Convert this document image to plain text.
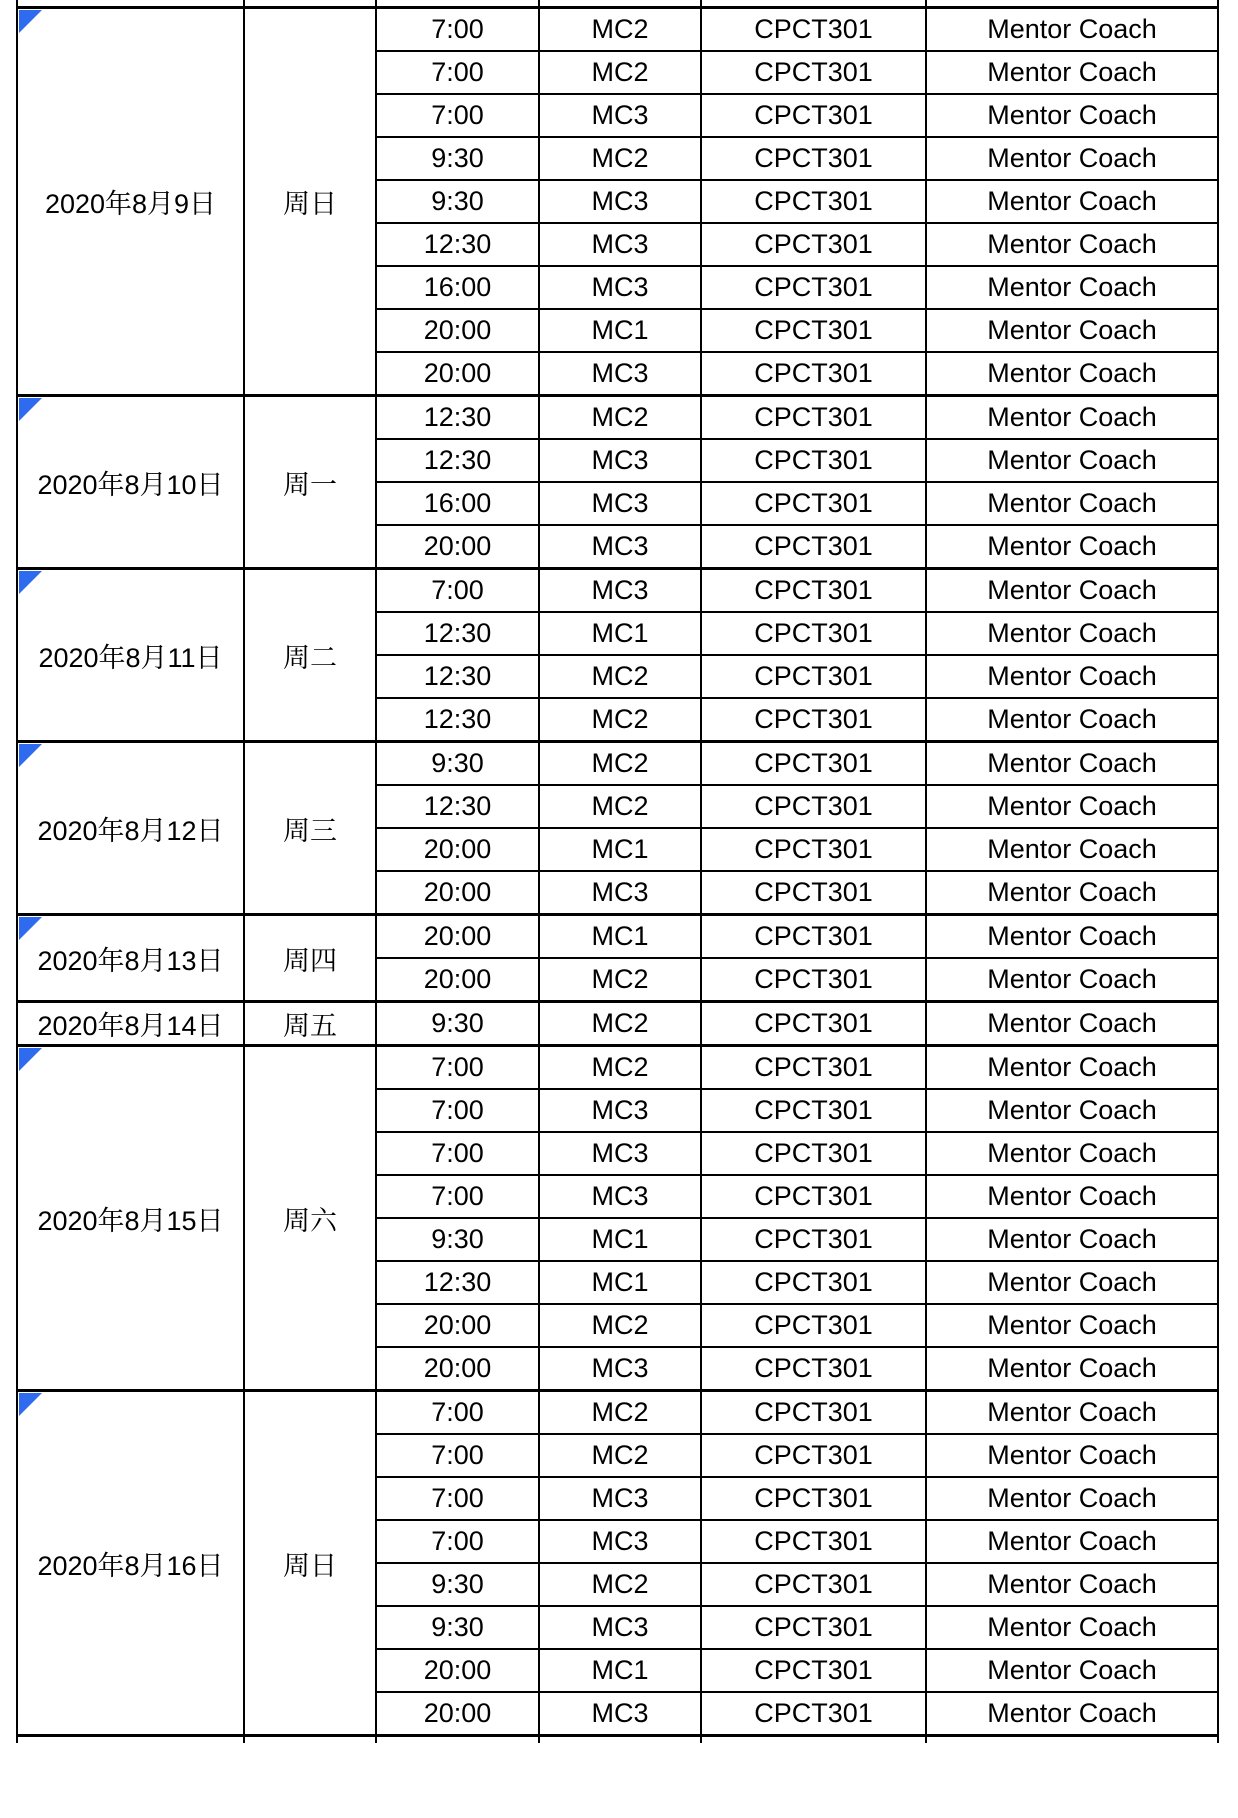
2020年8月9日	周日	7:00	MC2	CPCT301	Mentor Coach
		7:00	MC2	CPCT301	Mentor Coach
		7:00	MC3	CPCT301	Mentor Coach
		9:30	MC2	CPCT301	Mentor Coach
		9:30	MC3	CPCT301	Mentor Coach
		12:30	MC3	CPCT301	Mentor Coach
		16:00	MC3	CPCT301	Mentor Coach
		20:00	MC1	CPCT301	Mentor Coach
		20:00	MC3	CPCT301	Mentor Coach

2020年8月10日	周一	12:30	MC2	CPCT301	Mentor Coach
		12:30	MC3	CPCT301	Mentor Coach
		16:00	MC3	CPCT301	Mentor Coach
		20:00	MC3	CPCT301	Mentor Coach

2020年8月11日	周二	7:00	MC3	CPCT301	Mentor Coach
		12:30	MC1	CPCT301	Mentor Coach
		12:30	MC2	CPCT301	Mentor Coach
		12:30	MC2	CPCT301	Mentor Coach

2020年8月12日	周三	9:30	MC2	CPCT301	Mentor Coach
		12:30	MC2	CPCT301	Mentor Coach
		20:00	MC1	CPCT301	Mentor Coach
		20:00	MC3	CPCT301	Mentor Coach

2020年8月13日	周四	20:00	MC1	CPCT301	Mentor Coach
		20:00	MC2	CPCT301	Mentor Coach
2020年8月14日	周五	9:30	MC2	CPCT301	Mentor Coach

2020年8月15日	周六	7:00	MC2	CPCT301	Mentor Coach
		7:00	MC3	CPCT301	Mentor Coach
		7:00	MC3	CPCT301	Mentor Coach
		7:00	MC3	CPCT301	Mentor Coach
		9:30	MC1	CPCT301	Mentor Coach
		12:30	MC1	CPCT301	Mentor Coach
		20:00	MC2	CPCT301	Mentor Coach
		20:00	MC3	CPCT301	Mentor Coach

2020年8月16日	周日	7:00	MC2	CPCT301	Mentor Coach
		7:00	MC2	CPCT301	Mentor Coach
		7:00	MC3	CPCT301	Mentor Coach
		7:00	MC3	CPCT301	Mentor Coach
		9:30	MC2	CPCT301	Mentor Coach
		9:30	MC3	CPCT301	Mentor Coach
		20:00	MC1	CPCT301	Mentor Coach
		20:00	MC3	CPCT301	Mentor Coach
